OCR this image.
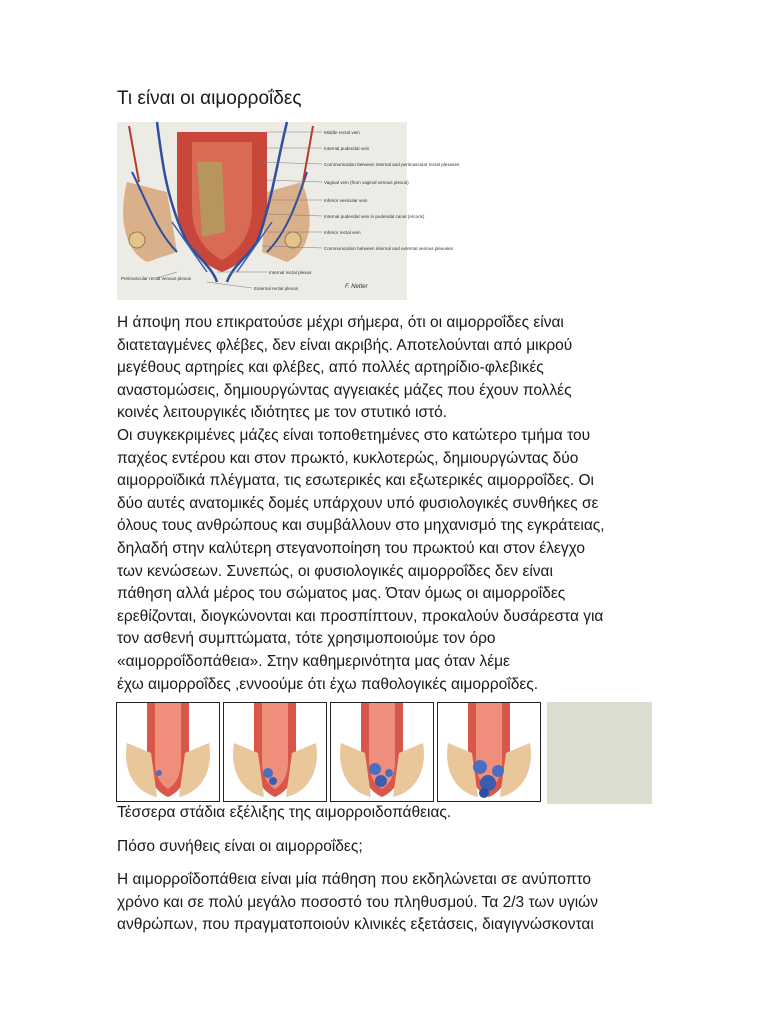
Τι είναι οι αιμορροΐδες
Middle rectal vein
Internal pudendal vein
Communication between internal and perimuscular rectal plexuses
Vaginal vein (from vaginal venous plexus)
Inferior vesicular vein
Internal pudendal vein in pudendal canal (Alcock)
Inferior rectal vein
Communication between internal and external venous plexuses
Internal rectal plexus
External rectal plexus
Perimuscular rectal venous plexus
F. Netter
Η άποψη που επικρατούσε μέχρι σήμερα, ότι οι αιμορροΐδες είναι
διατεταγμένες φλέβες, δεν είναι ακριβής. Αποτελούνται από μικρού
μεγέθους αρτηρίες και φλέβες, από πολλές αρτηρίδιο-φλεβικές
αναστομώσεις, δημιουργώντας αγγειακές μάζες που έχουν πολλές
κοινές λειτουργικές ιδιότητες με τον στυτικό ιστό.
Οι συγκεκριμένες μάζες είναι τοποθετημένες στο κατώτερο τμήμα του
παχέος εντέρου και στον πρωκτό, κυκλοτερώς, δημιουργώντας δύο
αιμορροϊδικά πλέγματα, τις εσωτερικές και εξωτερικές αιμορροΐδες. Οι
δύο αυτές ανατομικές δομές υπάρχουν υπό φυσιολογικές συνθήκες σε
όλους τους ανθρώπους και συμβάλλουν στο μηχανισμό της εγκράτειας,
δηλαδή στην καλύτερη στεγανοποίηση του πρωκτού και στον έλεγχο
των κενώσεων. Συνεπώς, οι φυσιολογικές αιμορροΐδες δεν είναι
πάθηση αλλά μέρος του σώματος μας. Όταν όμως οι αιμορροΐδες
ερεθίζονται, διογκώνονται και προσπίπτουν, προκαλούν δυσάρεστα για
τον ασθενή συμπτώματα, τότε χρησιμοποιούμε τον όρο
«αιμορροΐδοπάθεια». Στην καθημερινότητα μας όταν λέμε
έχω αιμορροΐδες ,εννοούμε ότι έχω παθολογικές αιμορροΐδες.

Τέσσερα στάδια εξέλιξης της αιμορροιδοπάθειας.

Πόσο συνήθεις είναι οι αιμορροΐδες;

Η αιμορροΐδοπάθεια είναι μία πάθηση που εκδηλώνεται σε ανύποπτο
χρόνο και σε πολύ μεγάλο ποσοστό του πληθυσμού. Τα 2/3 των υγιών
ανθρώπων, που πραγματοποιούν κλινικές εξετάσεις, διαγιγνώσκονται
